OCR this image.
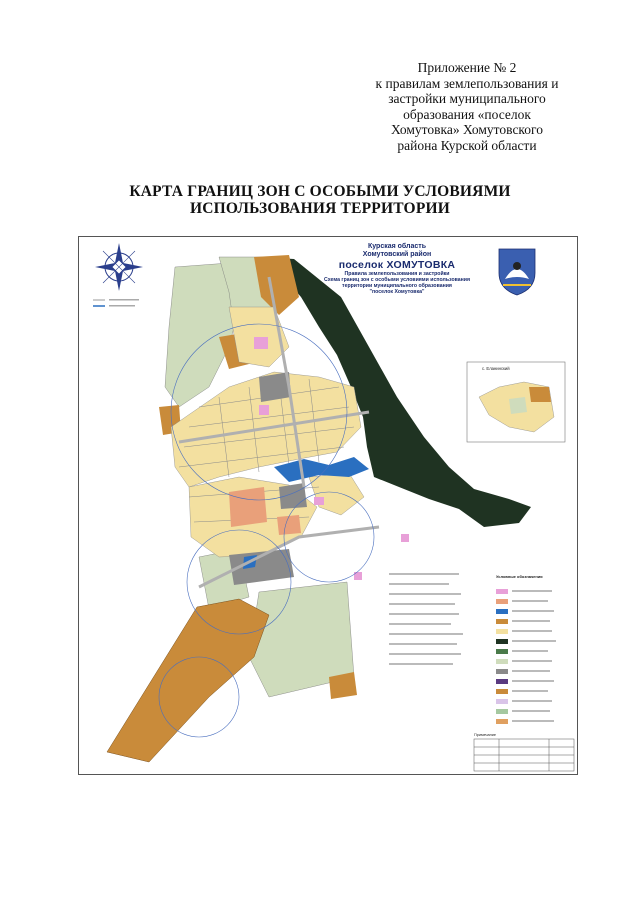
Приложение № 2
к правилам землепользования и
застройки муниципального
образования «поселок
Хомутовка» Хомутовского
района Курской области
КАРТА ГРАНИЦ ЗОН С ОСОБЫМИ УСЛОВИЯМИ
ИСПОЛЬЗОВАНИЯ ТЕРРИТОРИИ
Курская область
Хомутовский район
поселок ХОМУТОВКА
Правила землепользования и застройки
Схема границ зон с особыми условиями использования
территории муниципального образования
"поселок Хомутовка"
с. Еланинский
Условные обозначения
Примечание
